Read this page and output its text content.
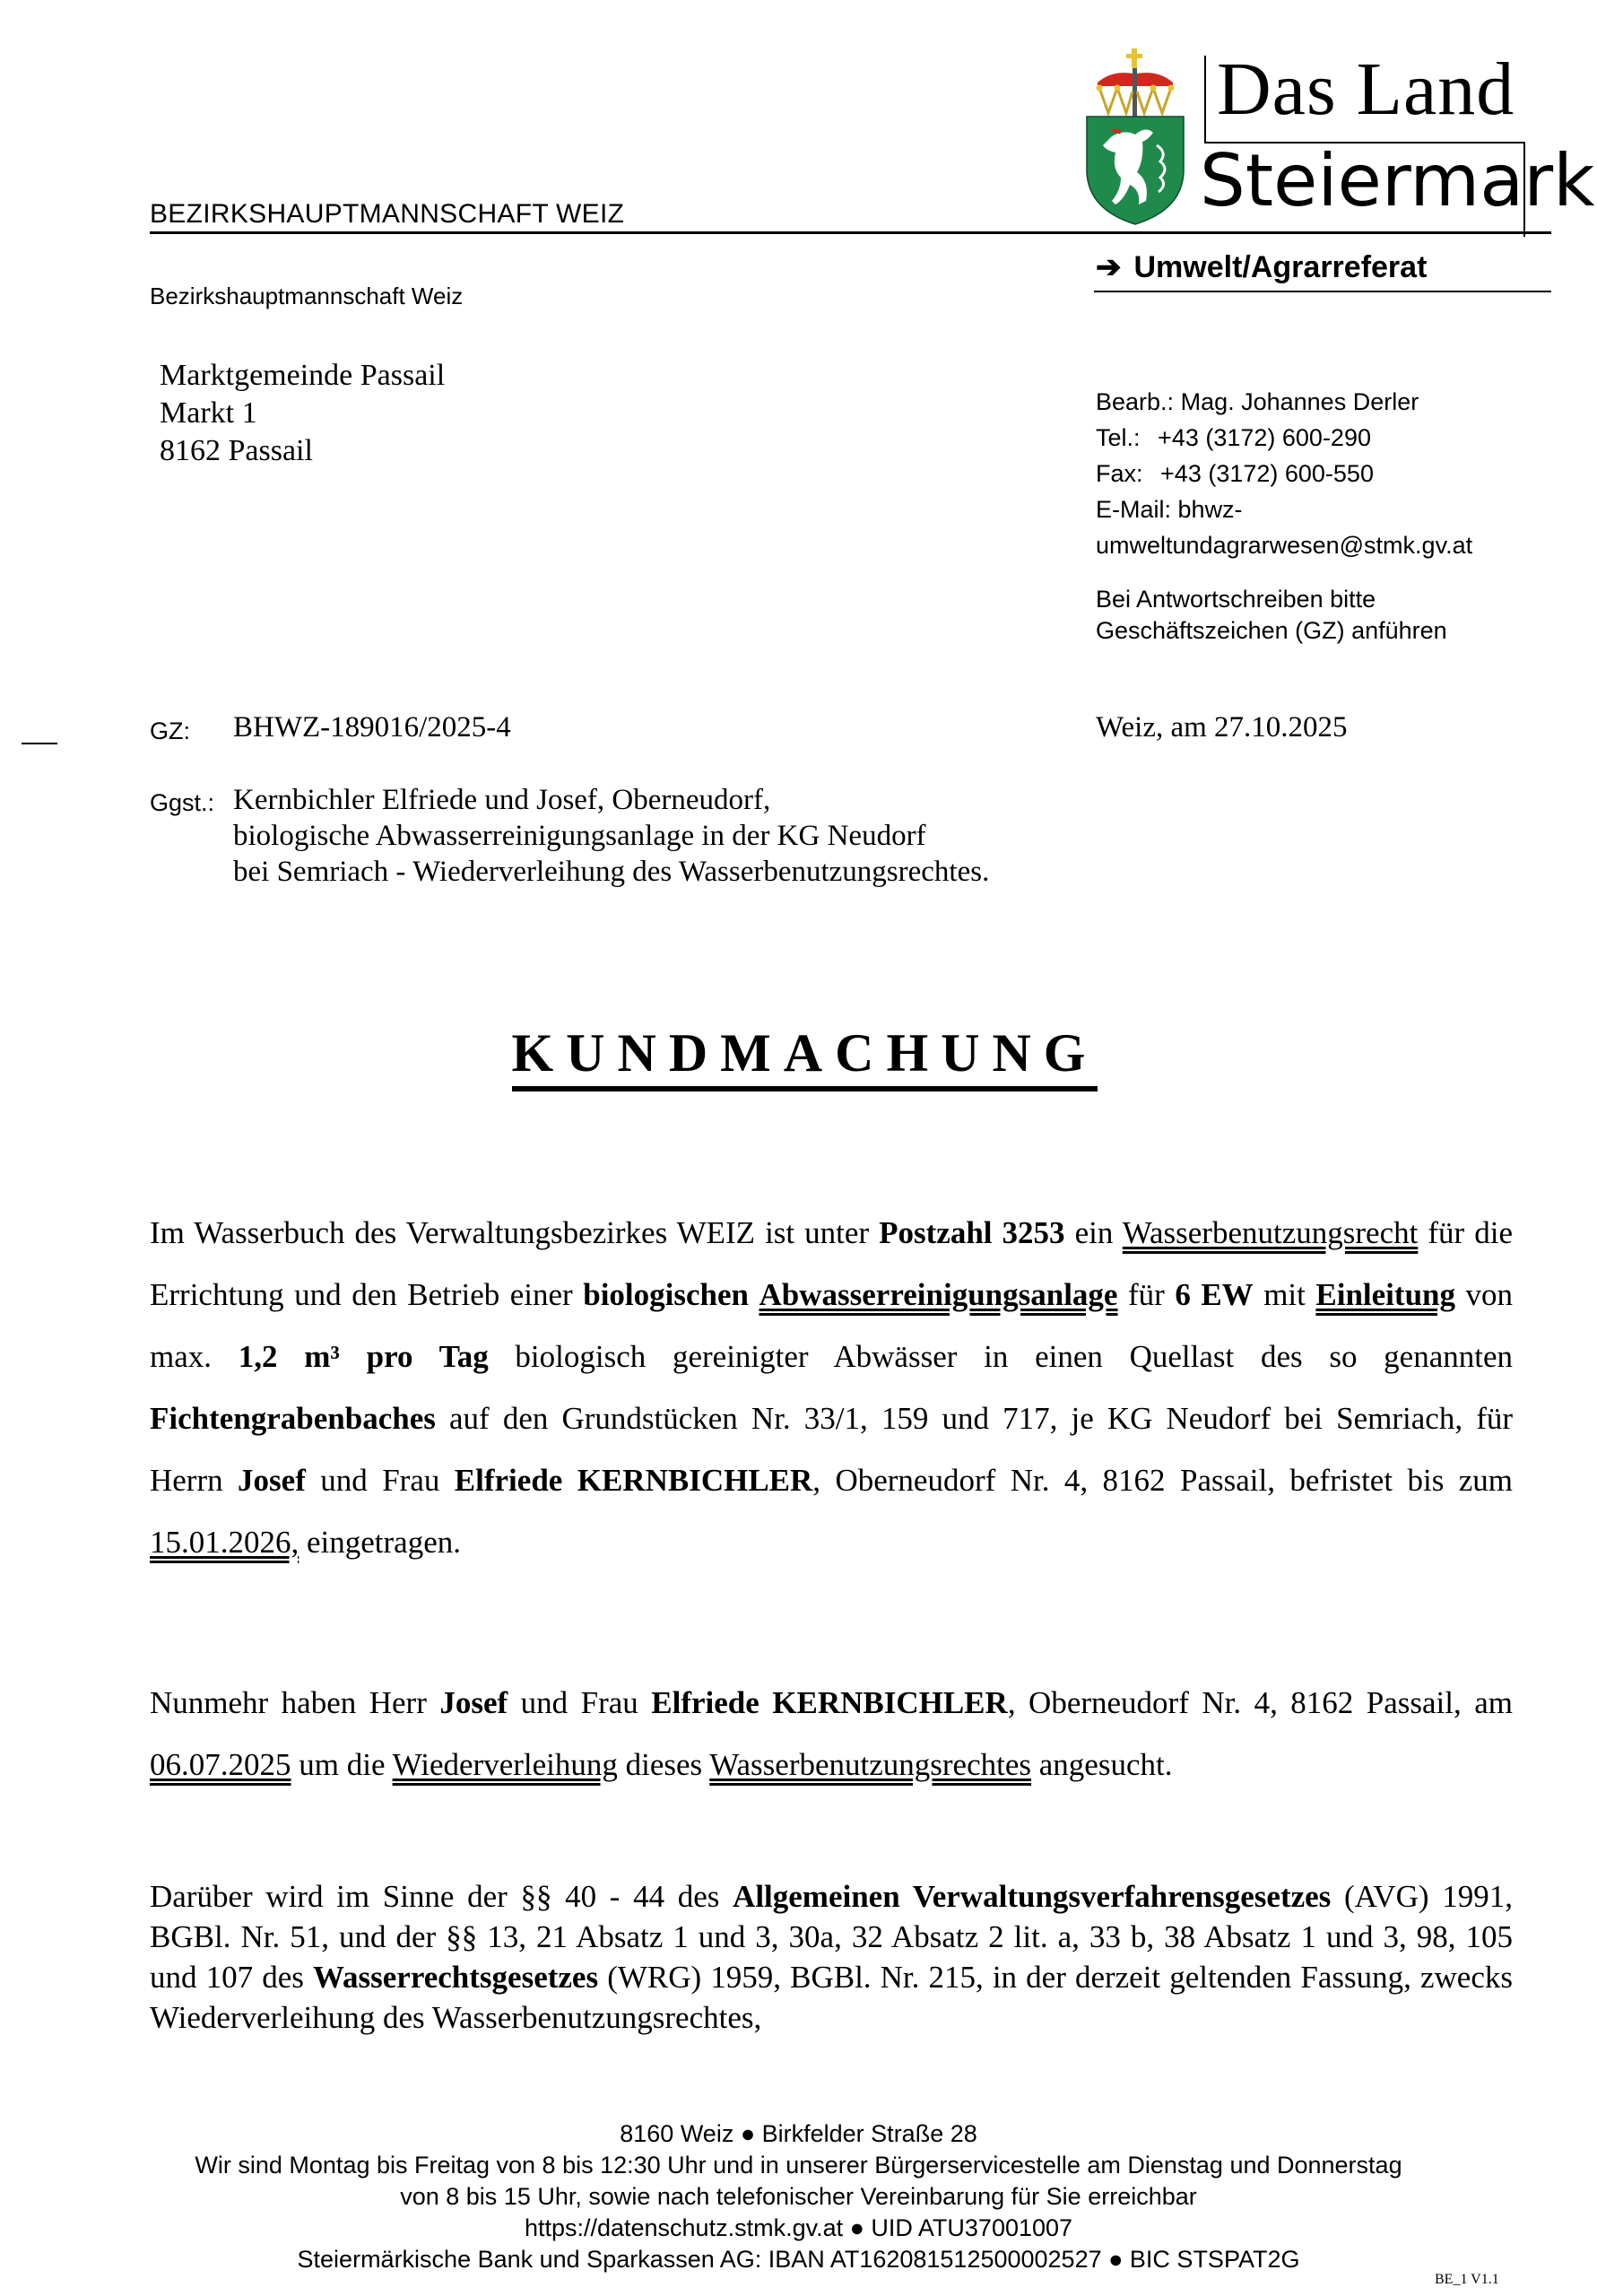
BEZIRKSHAUPTMANNSCHAFT WEIZ
Bezirkshauptmannschaft Weiz
Marktgemeinde Passail
Markt 1
8162 Passail
Das Land
Steiermark
➔ Umwelt/Agrarreferat
Bearb.: Mag. Johannes Derler
Tel.: +43 (3172) 600-290
Fax: +43 (3172) 600-550
E-Mail: bhwz-
umweltundagrarwesen@stmk.gv.at
Bei Antwortschreiben bitte
Geschäftszeichen (GZ) anführen
GZ: BHWZ-189016/2025-4	Weiz, am 27.10.2025
Ggst.: Kernbichler Elfriede und Josef, Oberneudorf,
biologische Abwasserreinigungsanlage in der KG Neudorf
bei Semriach - Wiederverleihung des Wasserbenutzungsrechtes.
KUNDMACHUNG
Im Wasserbuch des Verwaltungsbezirkes WEIZ ist unter Postzahl 3253 ein Wasserbenutzungsrecht für die Errichtung und den Betrieb einer biologischen Abwasserreinigungsanlage für 6 EW mit Einleitung von max. 1,2 m³ pro Tag biologisch gereinigter Abwässer in einen Quellast des so genannten Fichtengrabenbaches auf den Grundstücken Nr. 33/1, 159 und 717, je KG Neudorf bei Semriach, für Herrn Josef und Frau Elfriede KERNBICHLER, Oberneudorf Nr. 4, 8162 Passail, befristet bis zum 15.01.2026, eingetragen.
Nunmehr haben Herr Josef und Frau Elfriede KERNBICHLER, Oberneudorf Nr. 4, 8162 Passail, am 06.07.2025 um die Wiederverleihung dieses Wasserbenutzungsrechtes angesucht.
Darüber wird im Sinne der §§ 40 - 44 des Allgemeinen Verwaltungsverfahrensgesetzes (AVG) 1991, BGBl. Nr. 51, und der §§ 13, 21 Absatz 1 und 3, 30a, 32 Absatz 2 lit. a, 33 b, 38 Absatz 1 und 3, 98, 105 und 107 des Wasserrechtsgesetzes (WRG) 1959, BGBl. Nr. 215, in der derzeit geltenden Fassung, zwecks Wiederverleihung des Wasserbenutzungsrechtes,
8160 Weiz ● Birkfelder Straße 28
Wir sind Montag bis Freitag von 8 bis 12:30 Uhr und in unserer Bürgerservicestelle am Dienstag und Donnerstag
von 8 bis 15 Uhr, sowie nach telefonischer Vereinbarung für Sie erreichbar
https://datenschutz.stmk.gv.at ● UID ATU37001007
Steiermärkische Bank und Sparkassen AG: IBAN AT162081512500002527 ● BIC STSPAT2G
BE_1 V1.1
